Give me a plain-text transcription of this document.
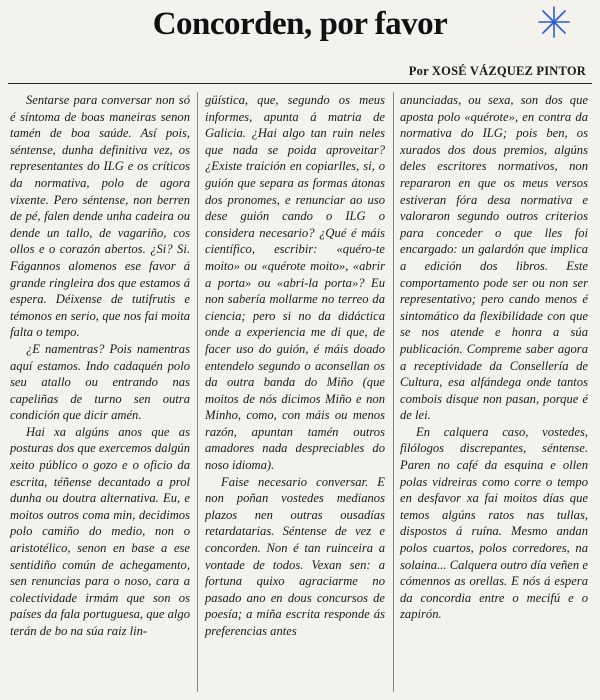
Concorden, por favor
Por XOSÉ VÁZQUEZ PINTOR

Sentarse para conversar non só é síntoma de boas maneiras senon tamén de boa saúde. Así pois, séntense, dunha definitiva vez, os representantes do ILG e os críticos da normativa, polo de agora vixente. Pero séntense, non berren de pé, falen dende unha cadeira ou dende un tallo, de vagariño, cos ollos e o corazón abertos. ¿Si? Si. Fágannos alomenos ese favor á grande ringleira dos que estamos á espera. Déixense de tutifrutis e témonos en serio, que nos fai moita falta o tempo.

¿E namentras? Pois namentras aquí estamos. Indo cadaquén polo seu atallo ou entrando nas capeliñas de turno sen outra condición que dicir amén.

Hai xa algúns anos que as posturas dos que exercemos dalgún xeito público o gozo e o oficio da escrita, téñense decantado a prol dunha ou doutra alternativa. Eu, e moitos outros coma min, decidimos polo camiño do medio, non o aristotélico, senon en base a ese sentidiño común de achegamento, sen renuncias para o noso, cara a colectividade irmám que son os países da fala portuguesa, que algo terán de bo na súa raiz lin-

güística, que, segundo os meus informes, apunta á matria de Galicia. ¿Hai algo tan ruin neles que nada se poida aproveitar? ¿Existe traición en copiarlles, si, o guión que separa as formas átonas dos pronomes, e renunciar ao uso dese guión cando o ILG o considera necesario? ¿Qué é máis científico, escribir: «quéro-te moito» ou «quérote moito», «abrir a porta» ou «abri-la porta»? Eu non sabería mollarme no terreo da ciencia; pero si no da didáctica onde a experiencia me di que, de facer uso do guión, é máis doado entendelo segundo o aconsellan os da outra banda do Miño (que moitos de nós dicimos Miño e non Minho, como, con máis ou menos razón, apuntan tamén outros amadores nada despreciables do noso idioma).

Faise necesario conversar. E non poñan vostedes medianos plazos nen outras ousadías retardatarias. Séntense de vez e concorden. Non é tan ruinceira a vontade de todos. Vexan sen: a fortuna quixo agraciarme no pasado ano en dous concursos de poesía; a miña escrita responde ás preferencias antes

anunciadas, ou sexa, son dos que aposta polo «quérote», en contra da normativa do ILG; pois ben, os xurados dos dous premios, algúns deles escritores normativos, non repararon en que os meus versos estiveran fóra desa normativa e valoraron segundo outros criterios para conceder o que lles foi encargado: un galardón que implica a edición dos libros. Este comportamento pode ser ou non ser representativo; pero cando menos é sintomático da flexibilidade con que se nos atende e honra a súa publicación. Compreme saber agora a receptividade da Consellería de Cultura, esa alfándega onde tantos combois disque non pasan, porque é de lei.

En calquera caso, vostedes, filólogos discrepantes, séntense. Paren no café da esquina e ollen polas vidreiras como corre o tempo en desfavor xa fai moitos días que temos algúns ratos nas tullas, dispostos á ruína. Mesmo andan polos cuartos, polos corredores, na solaina... Calquera outro día veñen e cómennos as orellas. E nós á espera da concordia entre o mecifú e o zapirón.
